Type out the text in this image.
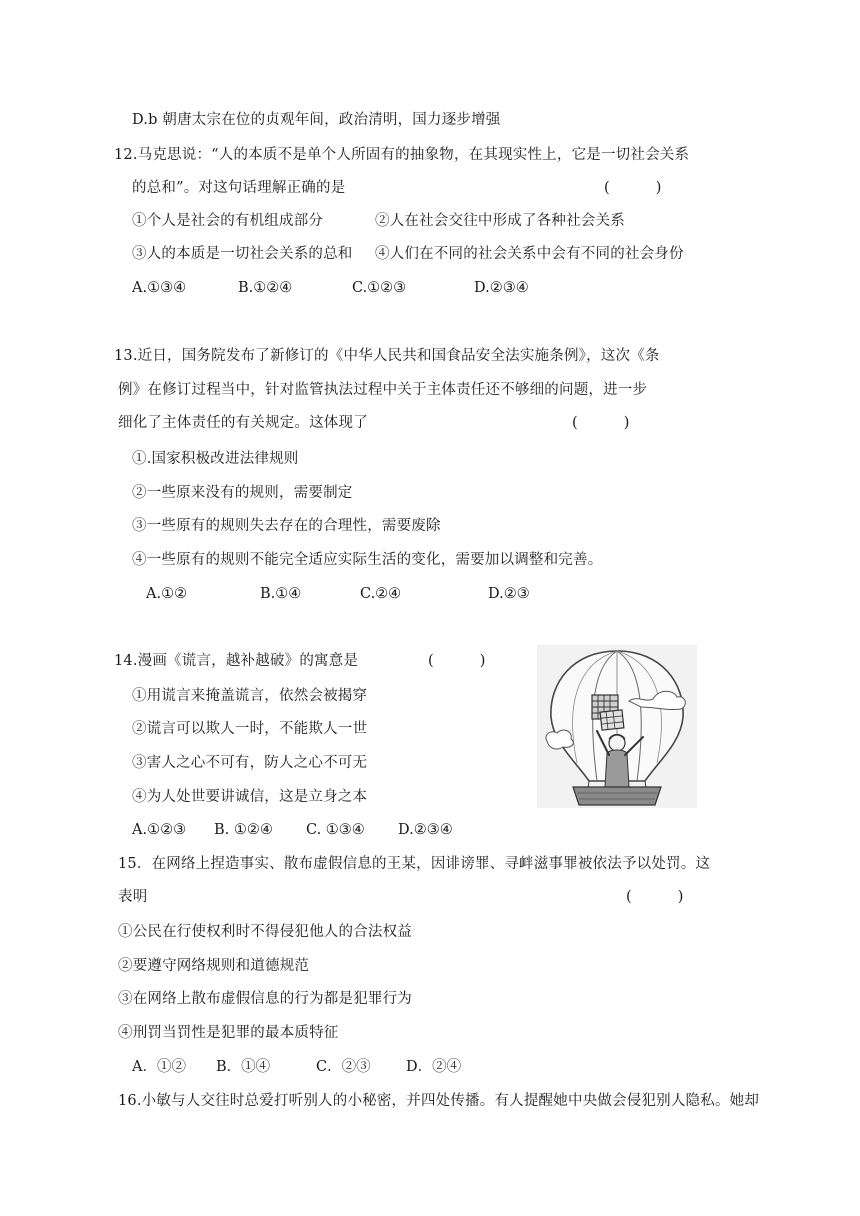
D.b 朝唐太宗在位的贞观年间，政治清明，国力逐步增强
12.马克思说：“人的本质不是单个人所固有的抽象物，在其现实性上，它是一切社会关系
的总和”。对这句话理解正确的是	(          )
①个人是社会的有机组成部分	②人在社会交往中形成了各种社会关系
③人的本质是一切社会关系的总和 ④人们在不同的社会关系中会有不同的社会身份
A.①③④	B.①②④	C.①②③	D.②③④
13.近日，国务院发布了新修订的《中华人民共和国食品安全法实施条例》，这次《条
例》在修订过程当中，针对监管执法过程中关于主体责任还不够细的问题，进一步
细化了主体责任的有关规定。这体现了	(          )
①.国家积极改进法律规则
②一些原来没有的规则，需要制定
③一些原有的规则失去存在的合理性，需要废除
④一些原有的规则不能完全适应实际生活的变化，需要加以调整和完善。
A.①②	B.①④	C.②④	D.②③
14.漫画《谎言，越补越破》的寓意是	(          )
①用谎言来掩盖谎言，依然会被揭穿
②谎言可以欺人一时，不能欺人一世
③害人之心不可有，防人之心不可无
④为人处世要讲诚信，这是立身之本
A.①②③ B. ①②④ C. ①③④ D.②③④
15．在网络上捏造事实、散布虚假信息的王某，因诽谤罪、寻衅滋事罪被依法予以处罚。这
表明	(          )
①公民在行使权利时不得侵犯他人的合法权益
②要遵守网络规则和道德规范
③在网络上散布虚假信息的行为都是犯罪行为
④刑罚当罚性是犯罪的最本质特征
A．①② B．①④	C．②③ D．②④
16.小敏与人交往时总爱打听别人的小秘密，并四处传播。有人提醒她中央做会侵犯别人隐私。她却
